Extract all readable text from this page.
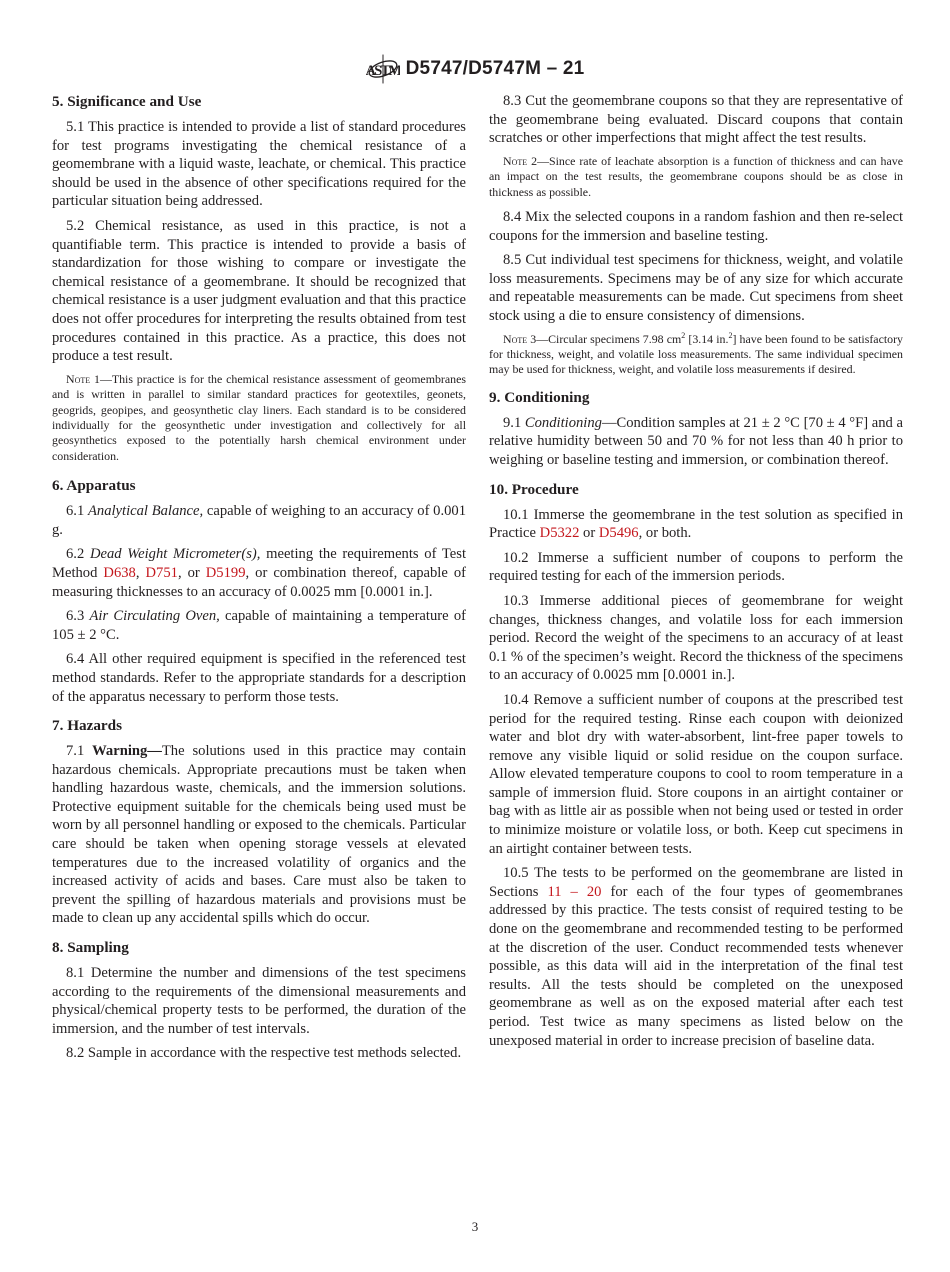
ASTM D5747/D5747M – 21
5. Significance and Use

5.1 This practice is intended to provide a list of standard procedures for test programs investigating the chemical resistance of a geomembrane with a liquid waste, leachate, or chemical. This practice should be used in the absence of other specifications required for the particular situation being addressed.

5.2 Chemical resistance, as used in this practice, is not a quantifiable term. This practice is intended to provide a basis of standardization for those wishing to compare or investigate the chemical resistance of a geomembrane. It should be recognized that chemical resistance is a user judgment evaluation and that this practice does not offer procedures for interpreting the results obtained from test procedures contained in this practice. As a practice, this does not produce a test result.

Note 1—This practice is for the chemical resistance assessment of geomembranes and is written in parallel to similar standard practices for geotextiles, geonets, geogrids, geopipes, and geosynthetic clay liners. Each standard is to be considered individually for the geosynthetic under investigation and collectively for all geosynthetics exposed to the potentially harsh chemical environment under consideration.

6. Apparatus

6.1 Analytical Balance, capable of weighing to an accuracy of 0.001 g.

6.2 Dead Weight Micrometer(s), meeting the requirements of Test Method D638, D751, or D5199, or combination thereof, capable of measuring thicknesses to an accuracy of 0.0025 mm [0.0001 in.].

6.3 Air Circulating Oven, capable of maintaining a temperature of 105 ± 2 °C.

6.4 All other required equipment is specified in the referenced test method standards. Refer to the appropriate standards for a description of the apparatus necessary to perform those tests.

7. Hazards

7.1 Warning—The solutions used in this practice may contain hazardous chemicals. Appropriate precautions must be taken when handling hazardous waste, chemicals, and the immersion solutions. Protective equipment suitable for the chemicals being used must be worn by all personnel handling or exposed to the chemicals. Particular care should be taken when opening storage vessels at elevated temperatures due to the increased volatility of organics and the increased activity of acids and bases. Care must also be taken to prevent the spilling of hazardous materials and provisions must be made to clean up any accidental spills which do occur.

8. Sampling

8.1 Determine the number and dimensions of the test specimens according to the requirements of the dimensional measurements and physical/chemical property tests to be performed, the duration of the immersion, and the number of test intervals.

8.2 Sample in accordance with the respective test methods selected.

8.3 Cut the geomembrane coupons so that they are representative of the geomembrane being evaluated. Discard coupons that contain scratches or other imperfections that might affect the test results.

Note 2—Since rate of leachate absorption is a function of thickness and can have an impact on the test results, the geomembrane coupons should be as close in thickness as possible.

8.4 Mix the selected coupons in a random fashion and then re-select coupons for the immersion and baseline testing.

8.5 Cut individual test specimens for thickness, weight, and volatile loss measurements. Specimens may be of any size for which accurate and repeatable measurements can be made. Cut specimens from sheet stock using a die to ensure consistency of dimensions.

Note 3—Circular specimens 7.98 $cm^2$ [3.14 in.$^2$] have been found to be satisfactory for thickness, weight, and volatile loss measurements. The same individual specimen may be used for thickness, weight, and volatile loss measurements if desired.

9. Conditioning

9.1 Conditioning—Condition samples at 21 ± 2 °C [70 ± 4 °F] and a relative humidity between 50 and 70 % for not less than 40 h prior to weighing or baseline testing and immersion, or combination thereof.

10. Procedure

10.1 Immerse the geomembrane in the test solution as specified in Practice D5322 or D5496, or both.

10.2 Immerse a sufficient number of coupons to perform the required testing for each of the immersion periods.

10.3 Immerse additional pieces of geomembrane for weight changes, thickness changes, and volatile loss for each immersion period. Record the weight of the specimens to an accuracy of at least 0.1 % of the specimen’s weight. Record the thickness of the specimens to an accuracy of 0.0025 mm [0.0001 in.].

10.4 Remove a sufficient number of coupons at the prescribed test period for the required testing. Rinse each coupon with deionized water and blot dry with water-absorbent, lint-free paper towels to remove any visible liquid or solid residue on the coupon surface. Allow elevated temperature coupons to cool to room temperature in a sample of immersion fluid. Store coupons in an airtight container or bag with as little air as possible when not being used or tested in order to minimize moisture or volatile loss, or both. Keep cut specimens in an airtight container between tests.

10.5 The tests to be performed on the geomembrane are listed in Sections 11 – 20 for each of the four types of geomembranes addressed by this practice. The tests consist of required testing to be done on the geomembrane and recommended testing to be performed at the discretion of the user. Conduct recommended tests whenever possible, as this data will aid in the interpretation of the final test results. All the tests should be completed on the unexposed geomembrane as well as on the exposed material after each test period. Test twice as many specimens as listed below on the unexposed material in order to increase precision of baseline data.

3
